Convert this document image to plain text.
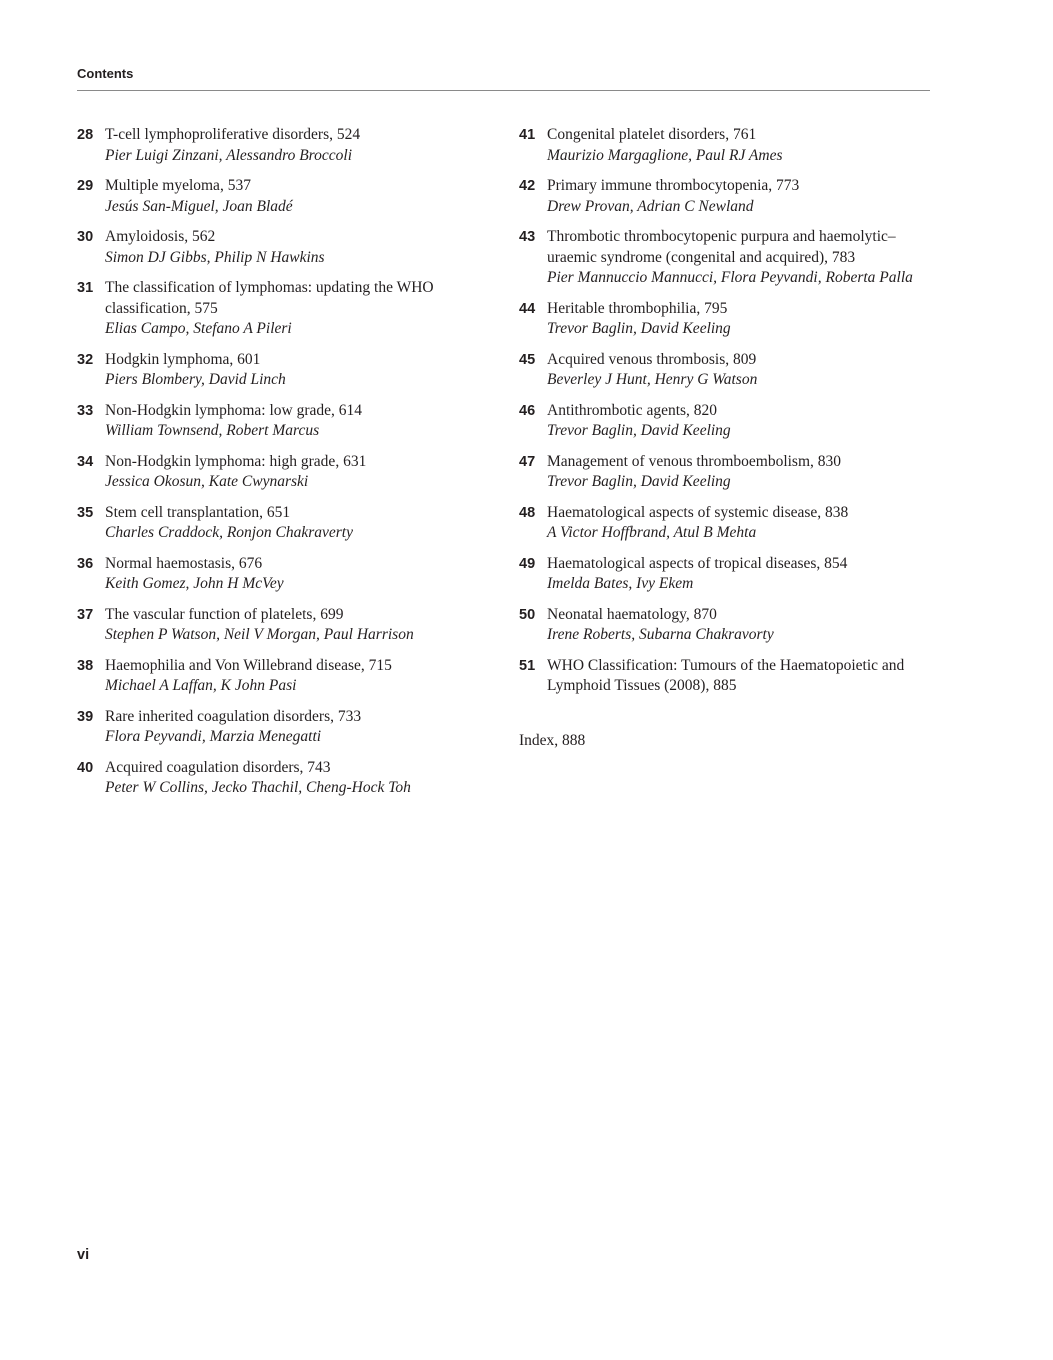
Contents
28 T-cell lymphoproliferative disorders, 524
Pier Luigi Zinzani, Alessandro Broccoli
29 Multiple myeloma, 537
Jesús San-Miguel, Joan Bladé
30 Amyloidosis, 562
Simon DJ Gibbs, Philip N Hawkins
31 The classification of lymphomas: updating the WHO classification, 575
Elias Campo, Stefano A Pileri
32 Hodgkin lymphoma, 601
Piers Blombery, David Linch
33 Non-Hodgkin lymphoma: low grade, 614
William Townsend, Robert Marcus
34 Non-Hodgkin lymphoma: high grade, 631
Jessica Okosun, Kate Cwynarski
35 Stem cell transplantation, 651
Charles Craddock, Ronjon Chakraverty
36 Normal haemostasis, 676
Keith Gomez, John H McVey
37 The vascular function of platelets, 699
Stephen P Watson, Neil V Morgan, Paul Harrison
38 Haemophilia and Von Willebrand disease, 715
Michael A Laffan, K John Pasi
39 Rare inherited coagulation disorders, 733
Flora Peyvandi, Marzia Menegatti
40 Acquired coagulation disorders, 743
Peter W Collins, Jecko Thachil, Cheng-Hock Toh
41 Congenital platelet disorders, 761
Maurizio Margaglione, Paul RJ Ames
42 Primary immune thrombocytopenia, 773
Drew Provan, Adrian C Newland
43 Thrombotic thrombocytopenic purpura and haemolytic–uraemic syndrome (congenital and acquired), 783
Pier Mannuccio Mannucci, Flora Peyvandi, Roberta Palla
44 Heritable thrombophilia, 795
Trevor Baglin, David Keeling
45 Acquired venous thrombosis, 809
Beverley J Hunt, Henry G Watson
46 Antithrombotic agents, 820
Trevor Baglin, David Keeling
47 Management of venous thromboembolism, 830
Trevor Baglin, David Keeling
48 Haematological aspects of systemic disease, 838
A Victor Hoffbrand, Atul B Mehta
49 Haematological aspects of tropical diseases, 854
Imelda Bates, Ivy Ekem
50 Neonatal haematology, 870
Irene Roberts, Subarna Chakravorty
51 WHO Classification: Tumours of the Haematopoietic and Lymphoid Tissues (2008), 885
Index, 888
vi
